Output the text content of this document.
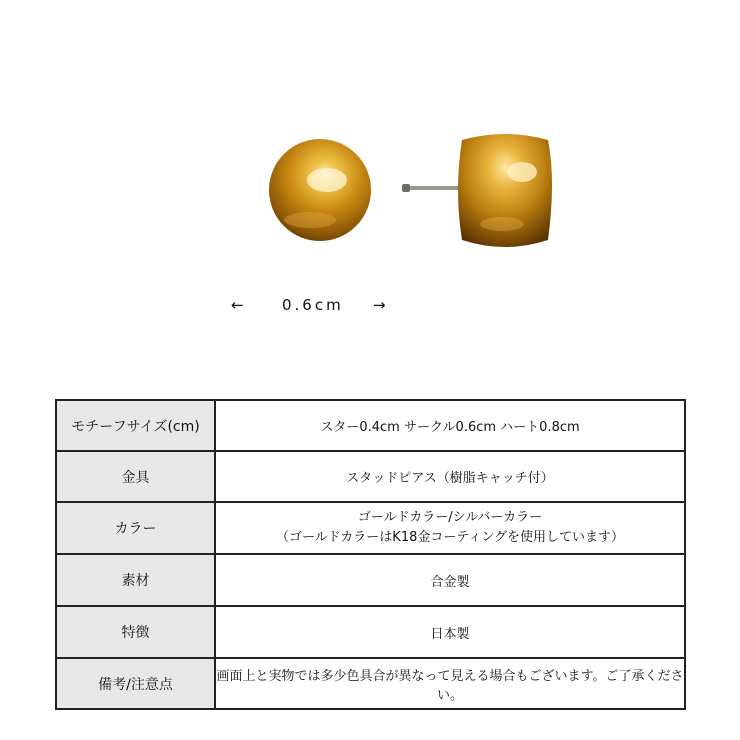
←	0.6cm →
モチーフサイズ(cm)	スター0.4cm サークル0.6cm ハート0.8cm
金具	スタッドピアス（樹脂キャッチ付）
カラー	ゴールドカラー/シルバーカラー
（ゴールドカラーはK18金コーティングを使用しています）

素材	合金製
特徴	日本製
備考/注意点	画面上と実物では多少色具合が異なって見える場合もございます。ご了承ください。
